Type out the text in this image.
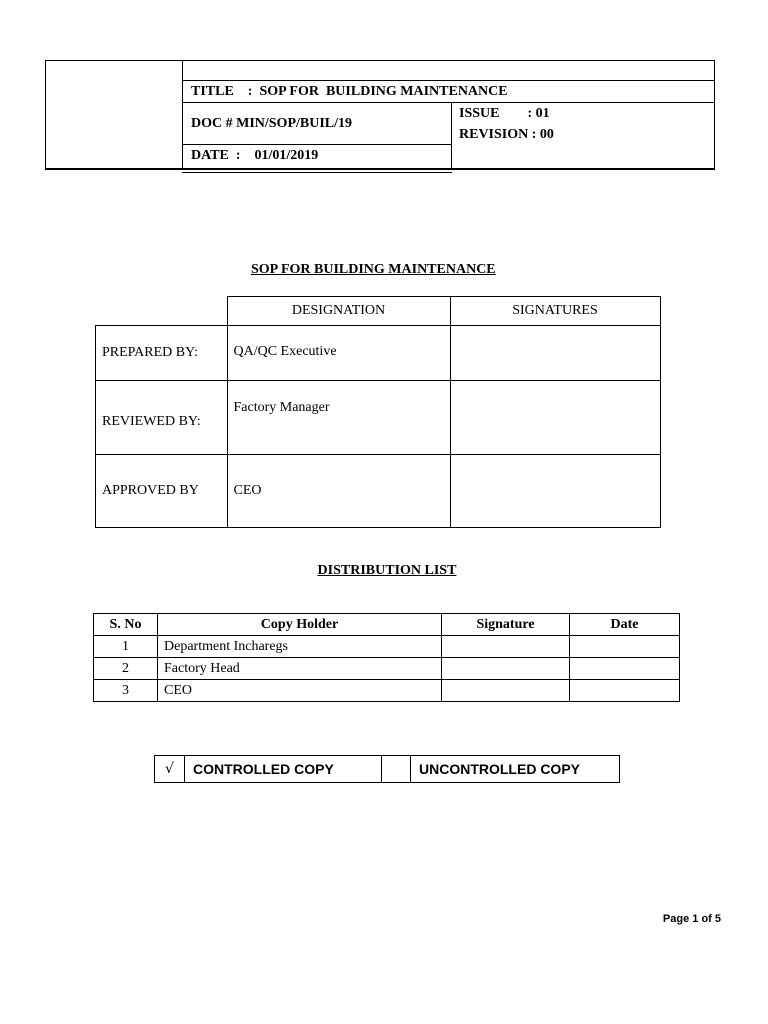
TITLE    :  SOP FOR  BUILDING MAINTENANCE
DOC # MIN/SOP/BUIL/19
DATE  :    01/01/2019
ISSUE        : 01
REVISION : 00
SOP FOR BUILDING MAINTENANCE
	DESIGNATION	SIGNATURES
PREPARED BY:	QA/QC Executive	
REVIEWED BY:	Factory Manager	
APPROVED BY	CEO	
DISTRIBUTION LIST
S. No	Copy Holder	Signature	Date
1	Department Incharegs		
2	Factory Head		
3	CEO		
√	CONTROLLED COPY		UNCONTROLLED COPY
Page 1 of 5
